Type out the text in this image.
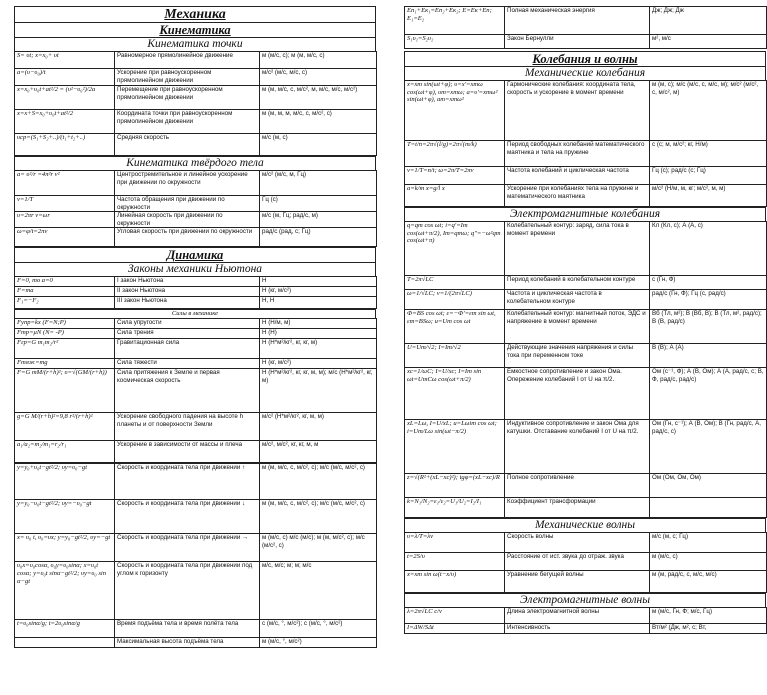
Механика
Кинематика
Кинематика точки
S= υt; x=x₀+ υt	Равномерное прямолинейное движение	м (м/с, с); м (м, м/с, с)
a=(υ−υ₀)/t	Ускорение при равноускоренном прямолинейном движении	м/с² (м/с, м/с, с)
x=x₀+υ₀t+at²/2 = (υ²−υ₀²)/2a	Перемещение при равноускоренном прямолинейном движении	м (м, м/с, с, м/с², м, м/с, м/с, м/с²)
x=x+S=x₀+υ₀t+at²/2	Координата точки при равноускоренном прямолинейном движении	м (м, м, м, м/с, с, м/с², с)
υср=(S₁+S₂+..)/(t₁+t₂+..)	Средняя скорость	м/с (м, с)
Кинематика твёрдого тела
a= υ²/r =4π²r ν²	Центростремительное и линейное ускорение при движении по окружности	м/с² (м/с, м, Гц)
ν=1/T	Частота обращения при движении по окружности	Гц (с)
υ=2πr ν=ωr	Линейная скорость при движении по окружности	м/с (м, Гц; рад/с, м)
ω=φ/t=2πν	Угловая скорость при движении по окружности	рад/с (рад, с; Гц)
Динамика
Законы механики Ньютона
F=0, то a=0	I закон Ньютона	Н
F=ma	II закон Ньютона	Н (кг, м/с²)
F₁=−F₂	III закон Ньютона	Н, Н
Силы в механике
Fупр=kx (F=N;P)	Сила упругости	Н (Н/м, м)
Fтр=μN (N= -P)	Сила трения	Н (Н)
Fгр=G m₁m₂/r²	Гравитационная сила	Н (Н*м²/кг², кг, кг, м)
Fтяж=mg	Сила тяжести	Н (кг, м/с²)
F=G mM/(r+h)²; υ=√(GM/(r+h))	Сила притяжения к Земле и первая космическая скорость	Н (Н*м²/кг², кг, кг, м, м); м/с (Н*м²/кг², кг, м)
g=G M/(r+h)²=9,8 r²/(r+h)²	Ускорение свободного падения на высоте h планеты и от поверхности Земли	м/с² (Н*м²/кг², кг, м, м)
a₁/a₂=m₂/m₁=r₂/r₁	Ускорение в зависимости от массы и плеча	м/с², м/с², кг, кг, м, м
y=y₀+υ₀t−gt²/2; υy=υ₀−gt	Скорость и координата тела при движении ↑	м (м, м/с, с, м/с², с); м/с (м/с, м/с², с)
y=y₀−υ₀t−gt²/2; υy=−υ₀−gt	Скорость и координата тела при движении ↓	м (м, м/с, с, м/с², с); м/с (м/с, м/с², с)
x= υ₀ t, υ₀=υx; y=y₀−gt²/2, υy=−gt	Скорость и координата тела при движении →	м (м/с, с) м/с (м/с); м (м, м/с², с); м/с (м/с², с)
υ₀x=υ₀cosα, υ₀y=υ₀sinα; x=υ₀t cosα; y=υ₀t sinα−gt²/2; υy=υ₀ sin α−gt	Скорость и координата тела при движении под углом к горизонту	м/с, м/с; м; м; м/с
t=υ₀sinα/g; t=2υ₀sinα/g	Время подъёма тела и время полёта тела	с (м/с, °, м/с²); с (м/с, °, м/с²)
	Максимальная высота подъёма тела	м (м/с, °, м/с²)
Eп₁+Eк₁=Eп₂+Eк₂; E=Eк+Eп; E₁=E₂	Полная механическая энергия	Дж; Дж; Дж
S₁υ₁=S₂υ₂	Закон Бернулли	м², м/с
Колебания и волны
Механические колебания
x=xm sin(ωt+φ); υ=x'=xmω cos(ωt+φ), υm=xmω; a=υ'=xmω² sin(ωt+φ), am=xmω²	Гармонические колебания: координата тела, скорость и ускорение в момент времени	м (м, с); м/с (м/с, с, м/с, м); м/с² (м/с², с, м/с², м)
T=t/n=2π√(l/g)=2π√(m/k)	Период свободных колебаний математического маятника и тела на пружине	с (с; м, м/с²; кг, Н/м)
ν=1/T=n/t; ω=2π/T=2πν	Частота колебаний и циклическая частота	Гц (с); рад/с (с; Гц)
a=k/m x=g/l x	Ускорение при колебаниях тела на пружине и математического маятника	м/с² (Н/м, м, кг; м/с², м, м)
Электромагнитные колебания
q=qm cos ωt; i=q'=Im cos(ωt+π/2), Im=qmω; q''=−ω²qm cos(ωt+π)	Колебательный контур: заряд, сила тока в момент времени	Кл (Кл, с); А (А, с)
T=2π√LC	Период колебаний в колебательном контуре	с (Гн, Ф)
ω=1/√LC; ν=1/(2π√LC)	Частота и циклическая частота в колебательном контуре	рад/с (Гн, Ф); Гц (с, рад/с)
Ф=BS cos ωt; ε=−Ф'=εm sin ωt, εm=BSω; u=Um cos ωt	Колебательный контур: магнитный поток, ЭДС и напряжение в момент времени	Вб (Тл, м²); В (Вб, В); В (Тл, м², рад/с); В (В, рад/с)
U=Um/√2; I=Im/√2	Действующие значения напряжения и силы тока при переменном токе	В (В); А (А)
xc=1/ωC; I=U/xc; I=Im sin ωt=UmCω cos(ωt+π/2)	Ёмкостное сопротивление и закон Ома. Опережение колебаний I от U на π/2.	Ом (с⁻¹, Ф); А (В, Ом); А (А, рад/с, с; В, Ф, рад/с, рад/с)
xL=Lω, I=U/xL; u=Lωim cos ωt; i=Um/Lω sin(ωt−π/2)	Индуктивное сопротивление и закон Ома для катушки. Отставание колебаний I от U на π/2.	Ом (Гн, с⁻¹); А (В, Ом); В (Гн, рад/с, А, рад/с, с)
z=√(R²+(xL−xc)²); tgφ=(xL−xc)/R	Полное сопротивление	Ом (Ом, Ом, Ом)
k=N₁/N₂=ε₁/ε₂=U₁/U₂=I₂/I₁	Коэффициент трансформации	
Механические волны
υ=λ/T=λν	Скорость волны	м/с (м, с; Гц)
t=2S/υ	Расстояние от ист. звука до отраж. звука	м (м/с, с)
x=xm sin ω(t−x/υ)	Уравнение бегущей волны	м (м, рад/с, с, м/с, м/с)
Электромагнитные волны
λ=2π√LC c/ν	Длина электромагнитной волны	м (м/с, Гн, Ф; м/с, Гц)
I=ΔW/SΔt	Интенсивность	Вт/м² (Дж, м², с; Вт,
